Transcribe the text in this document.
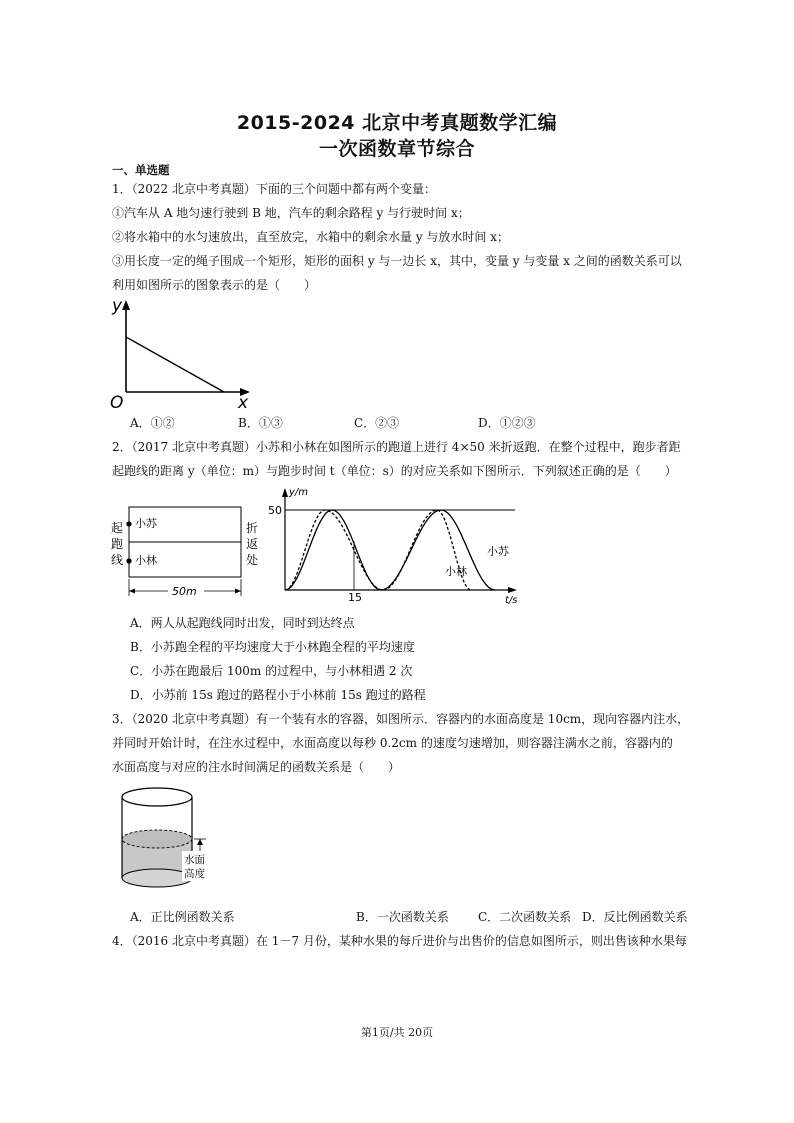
2015-2024 北京中考真题数学汇编
一次函数章节综合
一、单选题
1．（2022 北京中考真题）下面的三个问题中都有两个变量：
①汽车从 A 地匀速行驶到 B 地，汽车的剩余路程 y 与行驶时间 x；
②将水箱中的水匀速放出，直至放完，水箱中的剩余水量 y 与放水时间 x；
③用长度一定的绳子围成一个矩形，矩形的面积 y 与一边长 x，其中，变量 y 与变量 x 之间的函数关系可以
利用如图所示的图象表示的是（　　）
y
x
O
A．①②	B．①③	C．②③	D．①②③
2．（2017 北京中考真题）小苏和小林在如图所示的跑道上进行 4×50 米折返跑．在整个过程中，跑步者距
起跑线的距离 y（单位：m）与跑步时间 t（单位：s）的对应关系如下图所示．下列叙述正确的是（　　）
小苏
小林
起
跑
线
折
返
处
50m
y/m
t/s
50
15
小苏
小林
A．两人从起跑线同时出发，同时到达终点
B．小苏跑全程的平均速度大于小林跑全程的平均速度
C．小苏在跑最后 100m 的过程中，与小林相遇 2 次
D．小苏前 15s 跑过的路程小于小林前 15s 跑过的路程
3．（2020 北京中考真题）有一个装有水的容器，如图所示．容器内的水面高度是 10cm，现向容器内注水，
并同时开始计时，在注水过程中，水面高度以每秒 0.2cm 的速度匀速增加，则容器注满水之前，容器内的
水面高度与对应的注水时间满足的函数关系是（　　）
水面
高度
A．正比例函数关系	B．一次函数关系 C．二次函数关系 D．反比例函数关系
4．（2016 北京中考真题）在 1－7 月份，某种水果的每斤进价与出售价的信息如图所示，则出售该种水果每
第1页/共 20页
